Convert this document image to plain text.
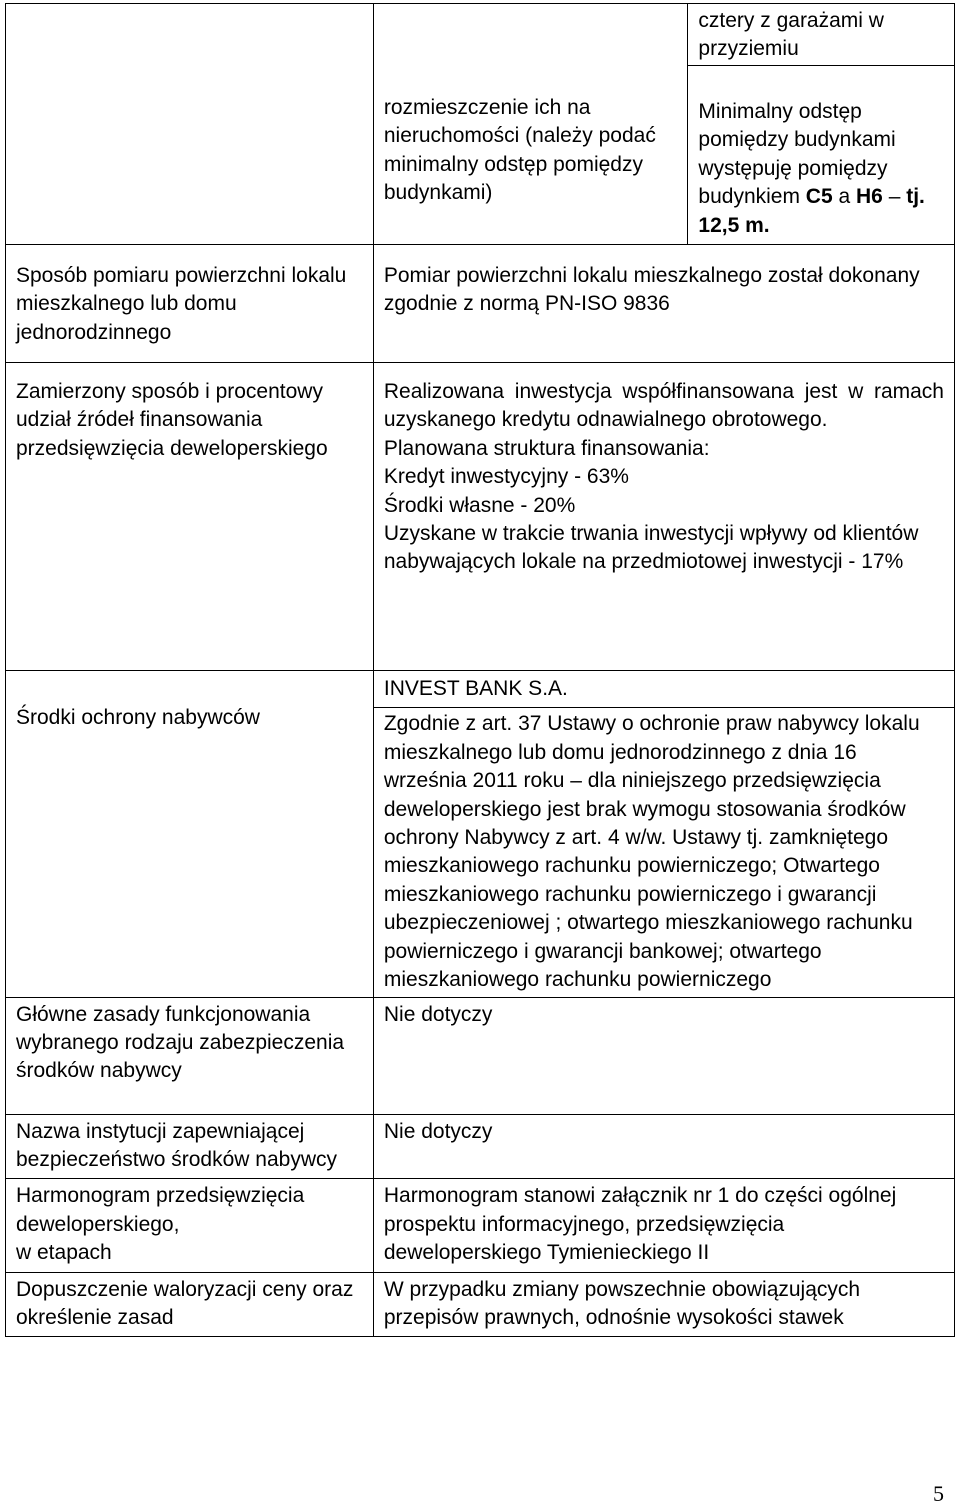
	rozmieszczenie ich na nieruchomości (należy podać minimalny odstęp pomiędzy budynkami)	cztery z garażami w przyziemiu

Minimalny odstęp pomiędzy budynkami występuję pomiędzy budynkiem C5 a H6 – tj. 12,5 m.

Sposób pomiaru powierzchni lokalu mieszkalnego lub domu jednorodzinnego	Pomiar powierzchni lokalu mieszkalnego został dokonany zgodnie z normą PN-ISO 9836	

Zamierzony sposób i procentowy udział źródeł finansowania przedsięwzięcia deweloperskiego	Realizowana inwestycja współfinansowana jest w ramach uzyskanego kredytu odnawialnego obrotowego.

Planowana struktura finansowania:

Kredyt inwestycyjny - 63%

Środki własne - 20%

Uzyskane w trakcie trwania inwestycji wpływy od klientów nabywających lokale na przedmiotowej inwestycji - 17%	

Środki ochrony nabywców	INVEST BANK S.A.

Zgodnie z art. 37 Ustawy o ochronie praw nabywcy lokalu mieszkalnego lub domu jednorodzinnego z dnia 16 września 2011 roku – dla niniejszego przedsięwzięcia deweloperskiego jest brak wymogu stosowania środków ochrony Nabywcy z art. 4 w/w. Ustawy tj. zamkniętego mieszkaniowego rachunku powierniczego; Otwartego mieszkaniowego rachunku powierniczego i gwarancji ubezpieczeniowej ; otwartego mieszkaniowego rachunku powierniczego i gwarancji bankowej; otwartego mieszkaniowego rachunku powierniczego	

Główne zasady funkcjonowania wybranego rodzaju zabezpieczenia środków nabywcy	Nie dotyczy	

Nazwa instytucji zapewniającej bezpieczeństwo środków nabywcy	Nie dotyczy	

Harmonogram przedsięwzięcia deweloperskiego,
w etapach	Harmonogram stanowi załącznik nr 1 do części ogólnej prospektu informacyjnego, przedsięwzięcia deweloperskiego Tymienieckiego II	

Dopuszczenie waloryzacji ceny oraz określenie zasad	W przypadku zmiany powszechnie obowiązujących przepisów prawnych, odnośnie wysokości stawek	

5
